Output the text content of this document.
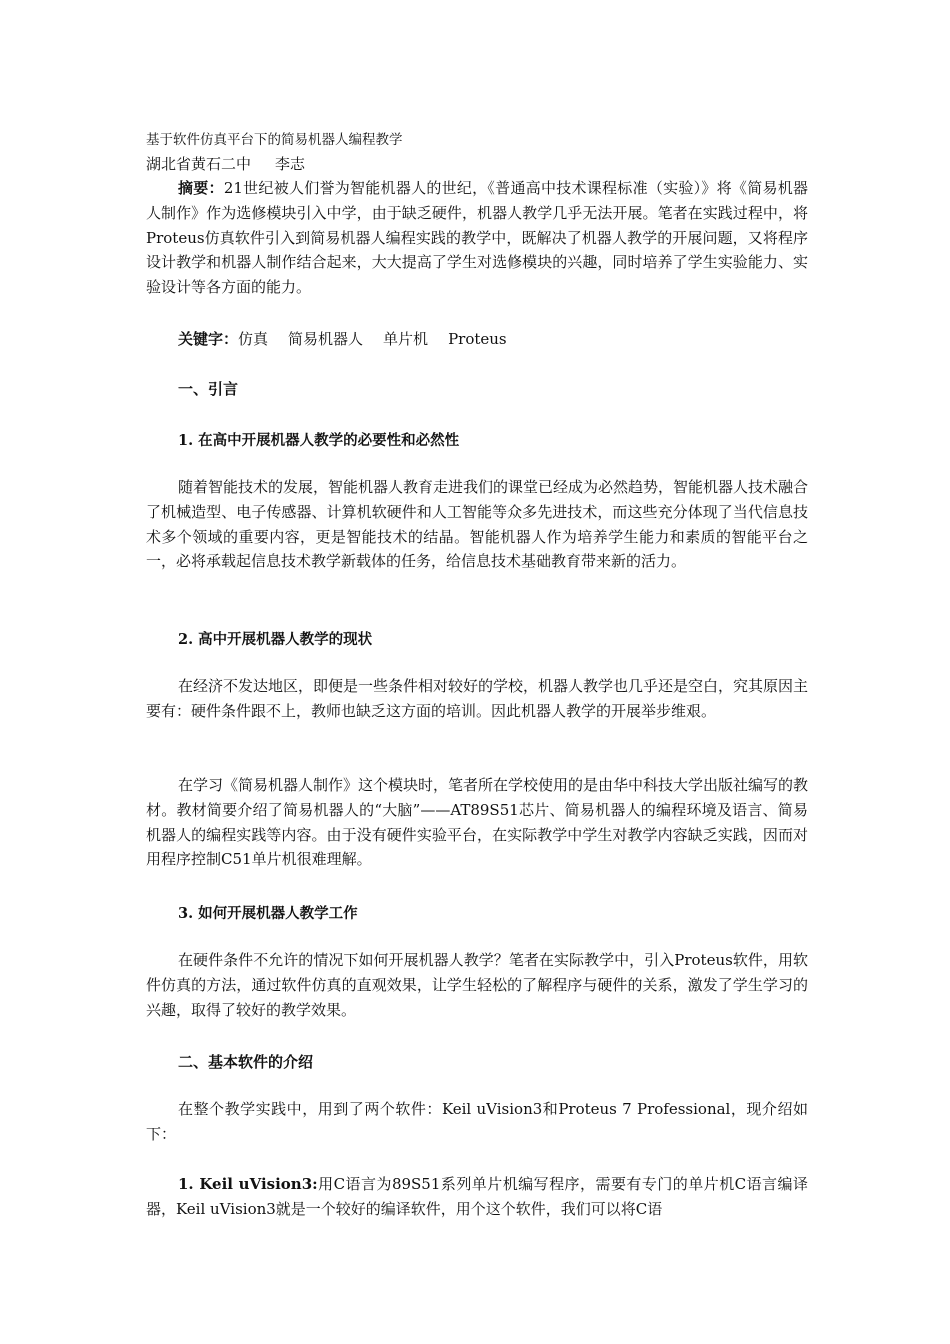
基于软件仿真平台下的简易机器人编程教学
湖北省黄石二中 李志

摘要：21世纪被人们誉为智能机器人的世纪，《普通高中技术课程标准（实验）》将《简易机器人制作》作为选修模块引入中学，由于缺乏硬件，机器人教学几乎无法开展。笔者在实践过程中，将Proteus仿真软件引入到简易机器人编程实践的教学中，既解决了机器人教学的开展问题，又将程序设计教学和机器人制作结合起来，大大提高了学生对选修模块的兴趣，同时培养了学生实验能力、实验设计等各方面的能力。

关键字：仿真 简易机器人 单片机 Proteus
一、引言
1. 在高中开展机器人教学的必要性和必然性

随着智能技术的发展，智能机器人教育走进我们的课堂已经成为必然趋势，智能机器人技术融合了机械造型、电子传感器、计算机软硬件和人工智能等众多先进技术，而这些充分体现了当代信息技术多个领域的重要内容，更是智能技术的结晶。智能机器人作为培养学生能力和素质的智能平台之一，必将承载起信息技术教学新载体的任务，给信息技术基础教育带来新的活力。

2. 高中开展机器人教学的现状

在经济不发达地区，即便是一些条件相对较好的学校，机器人教学也几乎还是空白，究其原因主要有：硬件条件跟不上，教师也缺乏这方面的培训。因此机器人教学的开展举步维艰。

在学习《简易机器人制作》这个模块时，笔者所在学校使用的是由华中科技大学出版社编写的教材。教材简要介绍了简易机器人的“大脑”——AT89S51芯片、简易机器人的编程环境及语言、简易机器人的编程实践等内容。由于没有硬件实验平台，在实际教学中学生对教学内容缺乏实践，因而对用程序控制C51单片机很难理解。

3. 如何开展机器人教学工作

在硬件条件不允许的情况下如何开展机器人教学？笔者在实际教学中，引入Proteus软件，用软件仿真的方法，通过软件仿真的直观效果，让学生轻松的了解程序与硬件的关系，激发了学生学习的兴趣，取得了较好的教学效果。

二、基本软件的介绍

在整个教学实践中，用到了两个软件：Keil uVision3和Proteus 7 Professional，现介绍如下：

1. Keil uVision3:用C语言为89S51系列单片机编写程序，需要有专门的单片机C语言编译器，Keil uVision3就是一个较好的编译软件，用个这个软件，我们可以将C语
